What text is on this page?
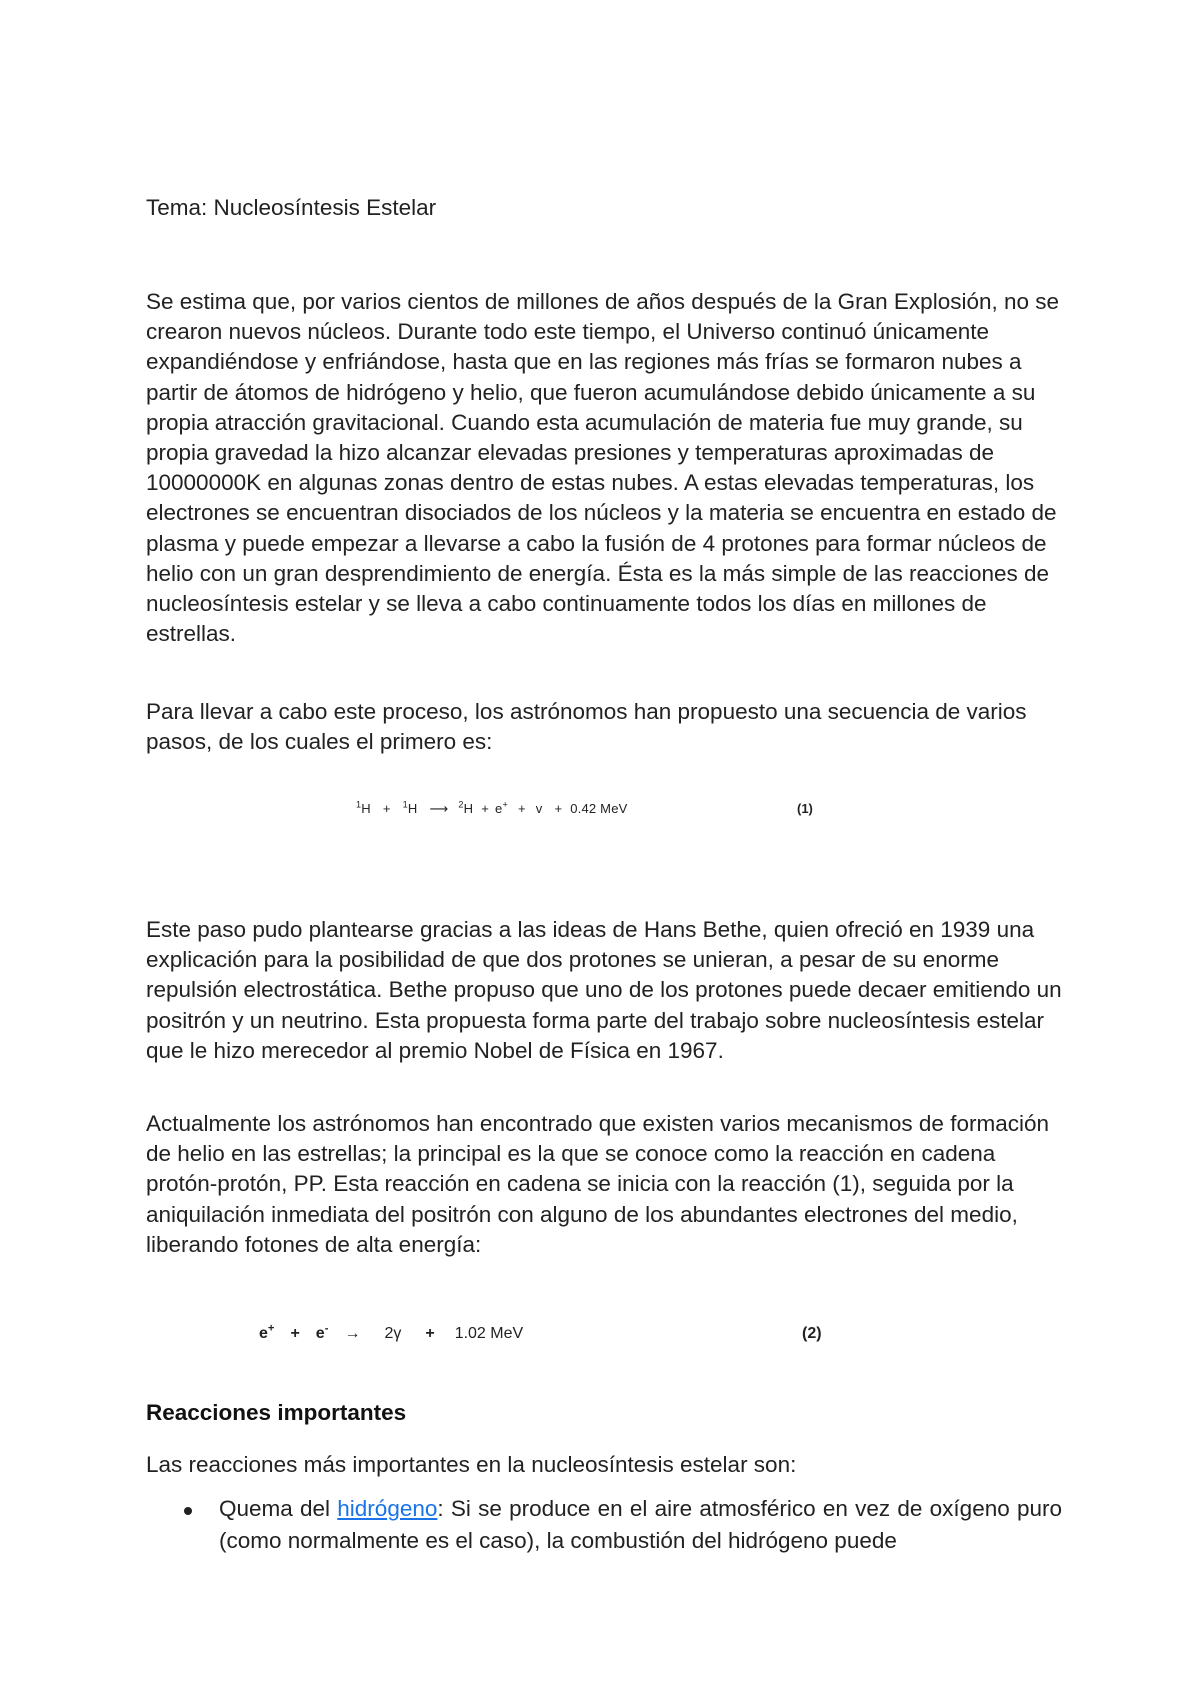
Tema: Nucleosíntesis Estelar
Se estima que, por varios cientos de millones de años después de la Gran Explosión, no se crearon nuevos núcleos. Durante todo este tiempo, el Universo continuó únicamente expandiéndose y enfriándose, hasta que en las regiones más frías se formaron nubes a partir de átomos de hidrógeno y helio, que fueron acumulándose debido únicamente a su propia atracción gravitacional. Cuando esta acumulación de materia fue muy grande, su propia gravedad la hizo alcanzar elevadas presiones y temperaturas aproximadas de 10000000K en algunas zonas dentro de estas nubes. A estas elevadas temperaturas, los electrones se encuentran disociados de los núcleos y la materia se encuentra en estado de plasma y puede empezar a llevarse a cabo la fusión de 4 protones para formar núcleos de helio con un gran desprendimiento de energía. Ésta es la más simple de las reacciones de nucleosíntesis estelar y se lleva a cabo continuamente todos los días en millones de estrellas.
Para llevar a cabo este proceso, los astrónomos han propuesto una secuencia de varios pasos, de los cuales el primero es:
$^1$H + $^1$H ⟶ $^2$H + e+ + v + 0.42 MeV	(1)
Este paso pudo plantearse gracias a las ideas de Hans Bethe, quien ofreció en 1939 una explicación para la posibilidad de que dos protones se unieran, a pesar de su enorme repulsión electrostática. Bethe propuso que uno de los protones puede decaer emitiendo un positrón y un neutrino. Esta propuesta forma parte del trabajo sobre nucleosíntesis estelar que le hizo merecedor al premio Nobel de Física en 1967.
Actualmente los astrónomos han encontrado que existen varios mecanismos de formación de helio en las estrellas; la principal es la que se conoce como la reacción en cadena protón-protón, PP. Esta reacción en cadena se inicia con la reacción (1), seguida por la aniquilación inmediata del positrón con alguno de los abundantes electrones del medio, liberando fotones de alta energía:
e+ + e- → 2γ + 1.02 MeV	(2)
Reacciones importantes
Las reacciones más importantes en la nucleosíntesis estelar son:
Quema del hidrógeno: Si se produce en el aire atmosférico en vez de oxígeno puro (como normalmente es el caso), la combustión del hidrógeno puede
